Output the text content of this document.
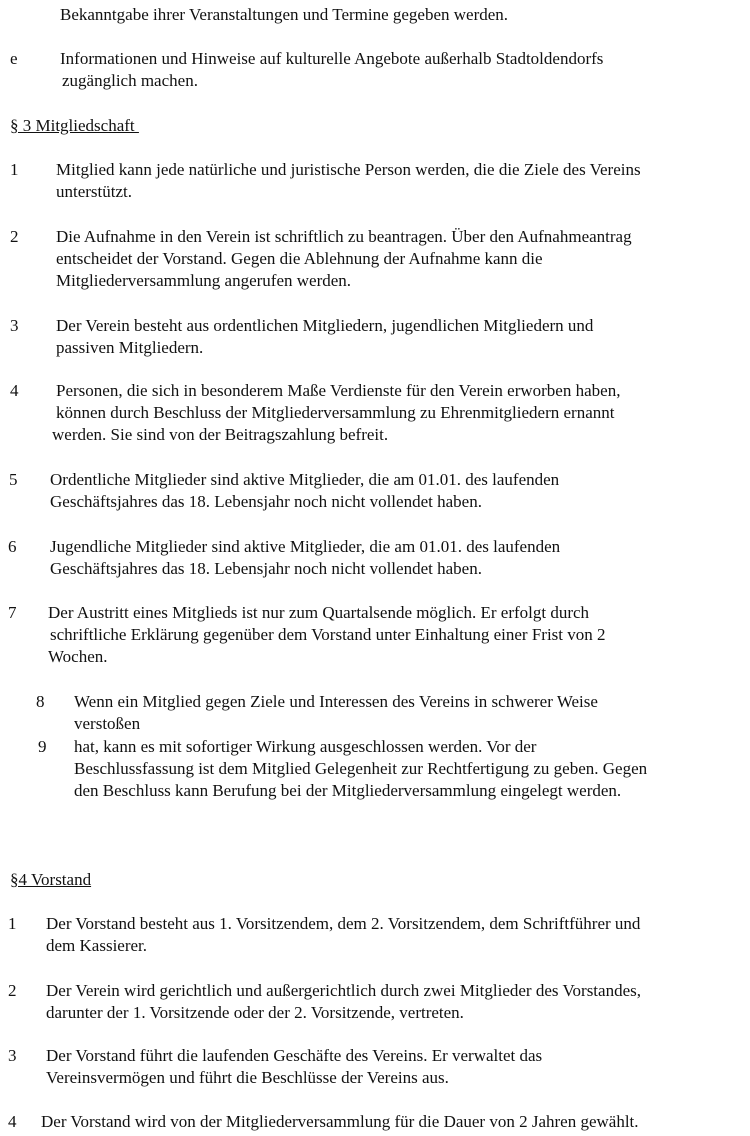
Bekanntgabe ihrer Veranstaltungen und Termine gegeben werden.
e Informationen und Hinweise auf kulturelle Angebote außerhalb Stadtoldendorfs
zugänglich machen.
§ 3 Mitgliedschaft
1 Mitglied kann jede natürliche und juristische Person werden, die die Ziele des Vereins
unterstützt.
2 Die Aufnahme in den Verein ist schriftlich zu beantragen. Über den Aufnahmeantrag
entscheidet der Vorstand. Gegen die Ablehnung der Aufnahme kann die
Mitgliederversammlung angerufen werden.
3 Der Verein besteht aus ordentlichen Mitgliedern, jugendlichen Mitgliedern und
passiven Mitgliedern.
4 Personen, die sich in besonderem Maße Verdienste für den Verein erworben haben,
können durch Beschluss der Mitgliederversammlung zu Ehrenmitgliedern ernannt
werden. Sie sind von der Beitragszahlung befreit.
5 Ordentliche Mitglieder sind aktive Mitglieder, die am 01.01. des laufenden
Geschäftsjahres das 18. Lebensjahr noch nicht vollendet haben.
6 Jugendliche Mitglieder sind aktive Mitglieder, die am 01.01. des laufenden
Geschäftsjahres das 18. Lebensjahr noch nicht vollendet haben.
7 Der Austritt eines Mitglieds ist nur zum Quartalsende möglich. Er erfolgt durch
schriftliche Erklärung gegenüber dem Vorstand unter Einhaltung einer Frist von 2
Wochen.
8 Wenn ein Mitglied gegen Ziele und Interessen des Vereins in schwerer Weise
verstoßen
9 hat, kann es mit sofortiger Wirkung ausgeschlossen werden. Vor der
Beschlussfassung ist dem Mitglied Gelegenheit zur Rechtfertigung zu geben. Gegen
den Beschluss kann Berufung bei der Mitgliederversammlung eingelegt werden.
§4 Vorstand
1 Der Vorstand besteht aus 1. Vorsitzendem, dem 2. Vorsitzendem, dem Schriftführer und
dem Kassierer.
2 Der Verein wird gerichtlich und außergerichtlich durch zwei Mitglieder des Vorstandes,
darunter der 1. Vorsitzende oder der 2. Vorsitzende, vertreten.
3 Der Vorstand führt die laufenden Geschäfte des Vereins. Er verwaltet das
Vereinsvermögen und führt die Beschlüsse der Vereins aus.
4 Der Vorstand wird von der Mitgliederversammlung für die Dauer von 2 Jahren gewählt.
